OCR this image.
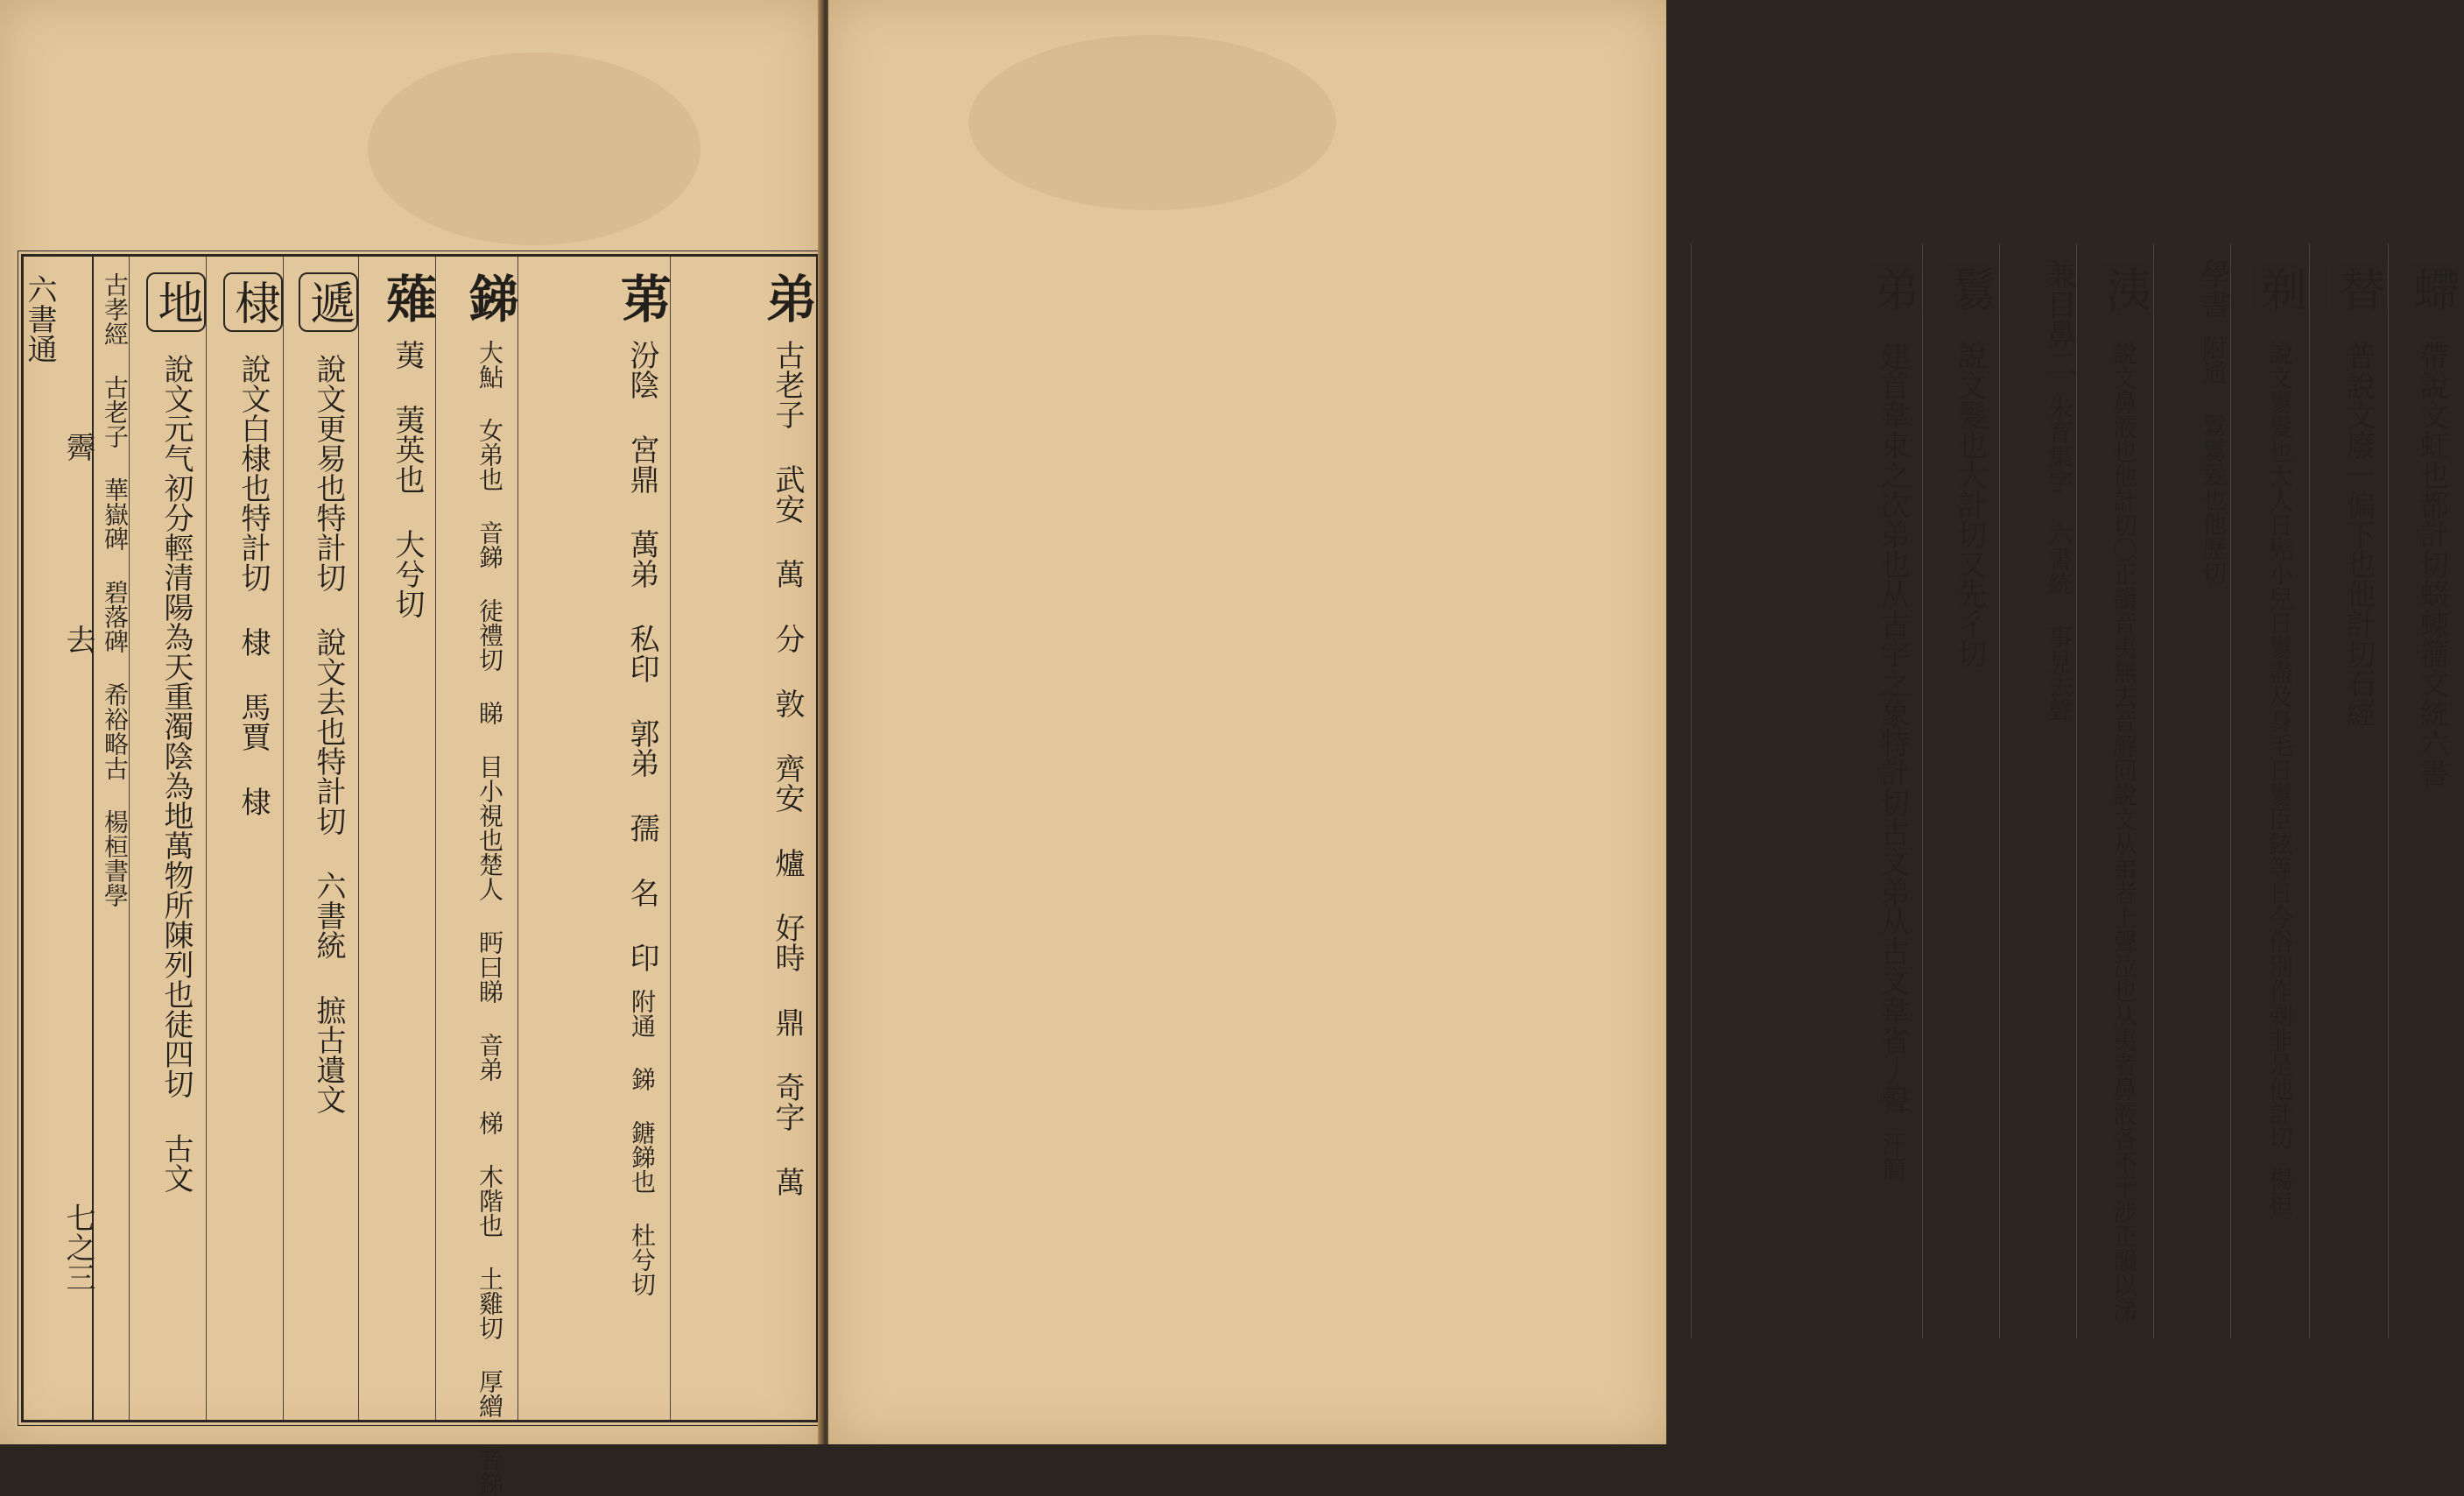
六書通
霽
去
七之三
弟 古老子 武安 萬 分 敦 齊安 爐 好時 鼎 奇字 萬
苐 汾陰 宮鼎 萬弟 私印 郭弟 孺 名 印 附通 銻 鎕銻也 杜兮切
銻 大鮎 女弟也 音銻 徒禮切 睇 目小視也楚人 眄曰睇 音弟 梯 木階也 土雞切 厚繒 音銻
薙 荑 荑英也 大兮切
遞 說文更易也特計切 說文去也特計切 六書統 摭古遺文
棣 說文白棣也特計切 棣 馬賈 棣
地 說文元气初分輕清陽為天重濁陰為地萬物所陳列也徒四切 古文
古孝經 古老子 華嶽碑 碧落碑 希裕略古 楊桓書學	螮 帶說文虹也都計切蝃蝀籒文統六書
替 普說文廢一偏下也他計切石經
剃 說文鬄髮也大人日髡小兒日鬄盡及身毛日鬄臣鉉等日今俗別作剃非是他計切 楊桓
學書 附通 鬄鬄髮也他歷切
洟 說文鼻液也他計切〇正韻音夷無去音解同說文从弟者上聲泣也从夷者鼻液各不干涉正韻以涕
兼目鼻二 朱育集字 六書統 事見去聲
鬄 說文髮也大計切又先彳切
弟 建首韋束之次弟也从古字之象特計切古文弟从古文韋省丿聲 汗簡
